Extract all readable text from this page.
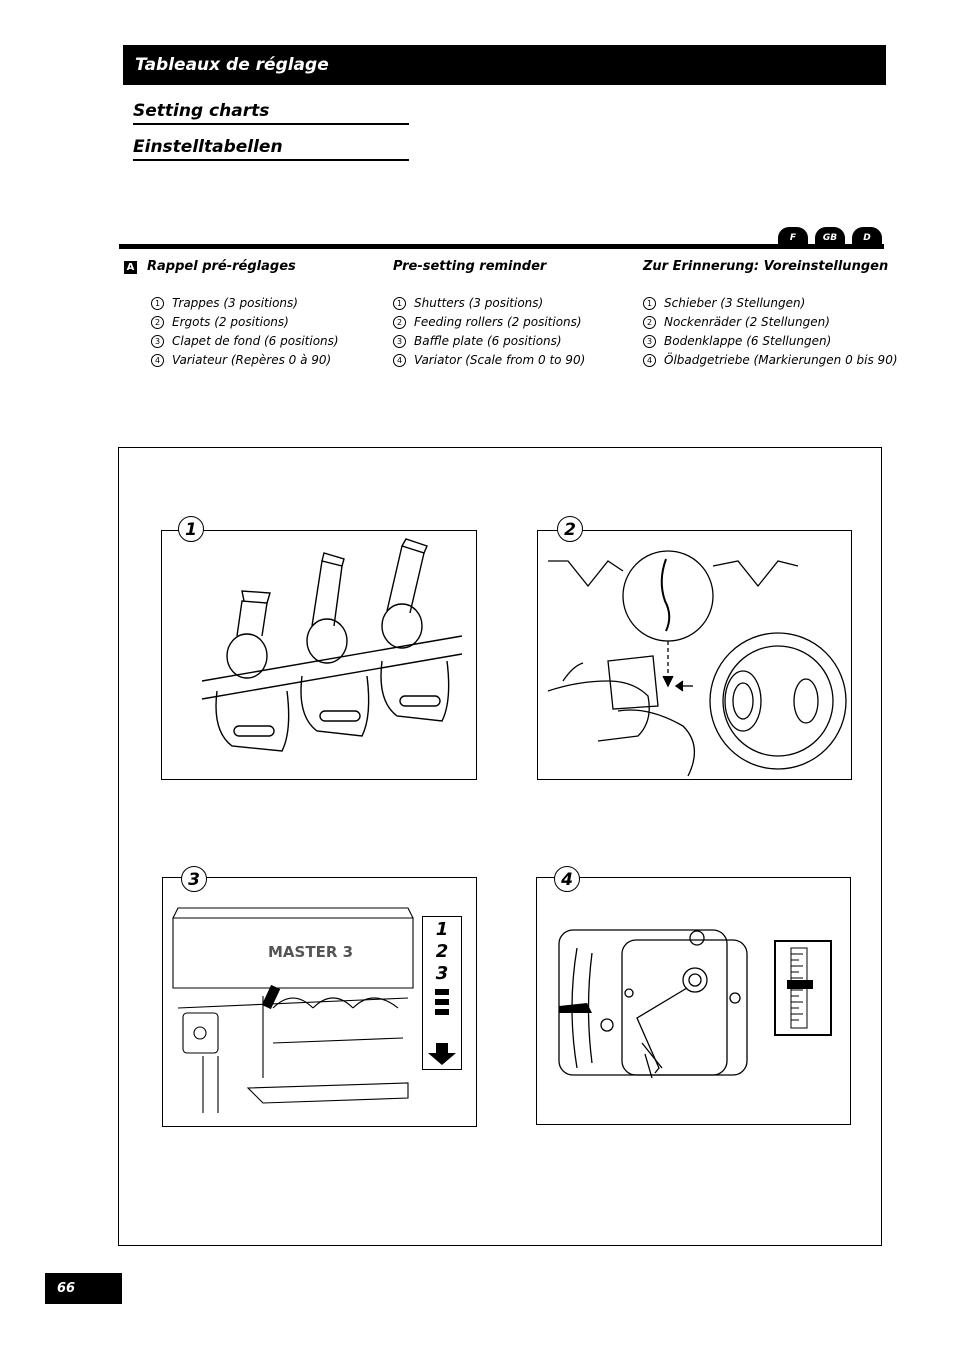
Tableaux de réglage
Setting charts
Einstelltabellen
F	GB	D
A Rappel pré-réglages
1 Trappes (3 positions)
2 Ergots (2 positions)
3 Clapet de fond (6 positions)
4 Variateur (Repères 0 à 90)
Pre-setting reminder
1 Shutters (3 positions)
2 Feeding rollers (2 positions)
3 Baffle plate (6 positions)
4 Variator (Scale from 0 to 90)
Zur Erinnerung: Voreinstellungen
1 Schieber (3 Stellungen)
2 Nockenräder (2 Stellungen)
3 Bodenklappe (6 Stellungen)
4 Ölbadgetriebe (Markierungen 0 bis 90)
1	2
MASTER 3
1
2
3
3	4
66
